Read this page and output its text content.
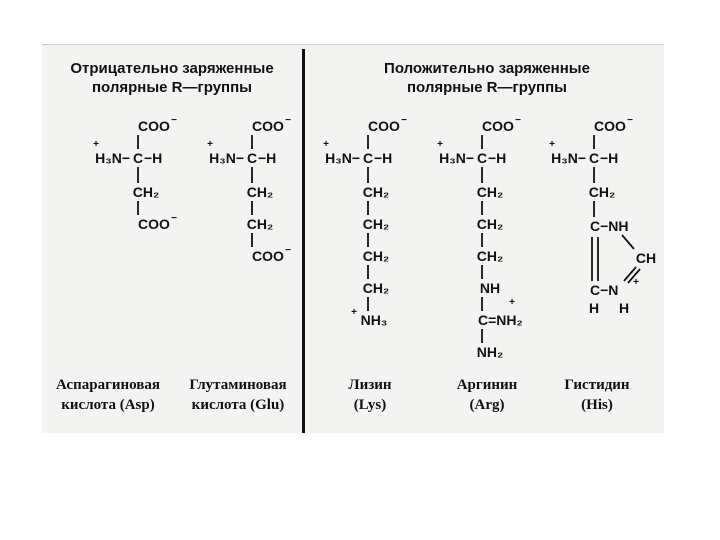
Отрицательно заряженные
полярные R—группы
Положительно заряженные
полярные R—группы
Аспарагиновая
кислота (Asp)
Глутаминовая
кислота (Glu)
Лизин
(Lys)
Аргинин
(Arg)
Гистидин
(His)
+
COO −
H₃N− C −H
CH₂
COO −
+
COO −
H₃N− C −H
CH₂
CH₂
COO −
+
COO −
H₃N− C −H
CH₂
CH₂
CH₂
CH₂
+ NH₃
+
COO −
H₃N− C −H
CH₂
CH₂
CH₂
NH
+
C=NH₂
NH₂
+
COO −
H₃N− C −H
CH₂
C−NH
CH
C−N +
H H
